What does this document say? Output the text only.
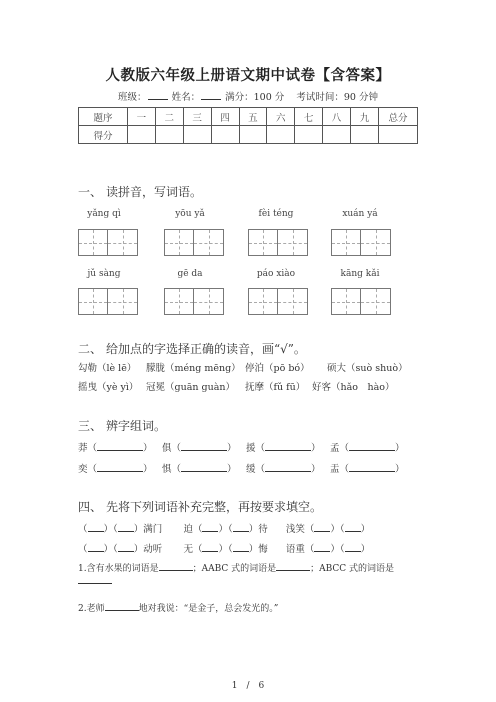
人教版六年级上册语文期中试卷【含答案】
班级：	姓名：	满分：100 分 考试时间：90 分钟
题序	一	二	三	四	五	六	七	八	九	总分
得分										
一、 读拼音，写词语。
yǎng qì	yōu yǎ	fèi téng	xuán yá
jǔ sàng	gē da	páo xiào	kāng kǎi
二、 给加点的字选择正确的读音，画“√”。
勾勒（lè lē） 朦胧（méng mēng） 停泊（pō bó） 硕大（suò shuò）
摇曳（yè yì） 冠冕（guān guàn） 抚摩（fǔ fū） 好客（hǎo　hào）
三、 辨字组词。
莽（	） 俱（	） 援（	） 孟（	）
奕（	） 惧（	） 缓（	） 盂（	）
四、 先将下列词语补充完整，再按要求填空。
（ ）（ ）满门 迫（ ）（ ）待 浅笑（ ）（ ）
（ ）（ ）动听 无（ ）（ ）悔 语重（ ）（ ）
1.含有水果的词语是	；AABC 式的词语是	；ABCC 式的词语是
2.老师	地对我说：“是金子，总会发光的。”
1　/　6
